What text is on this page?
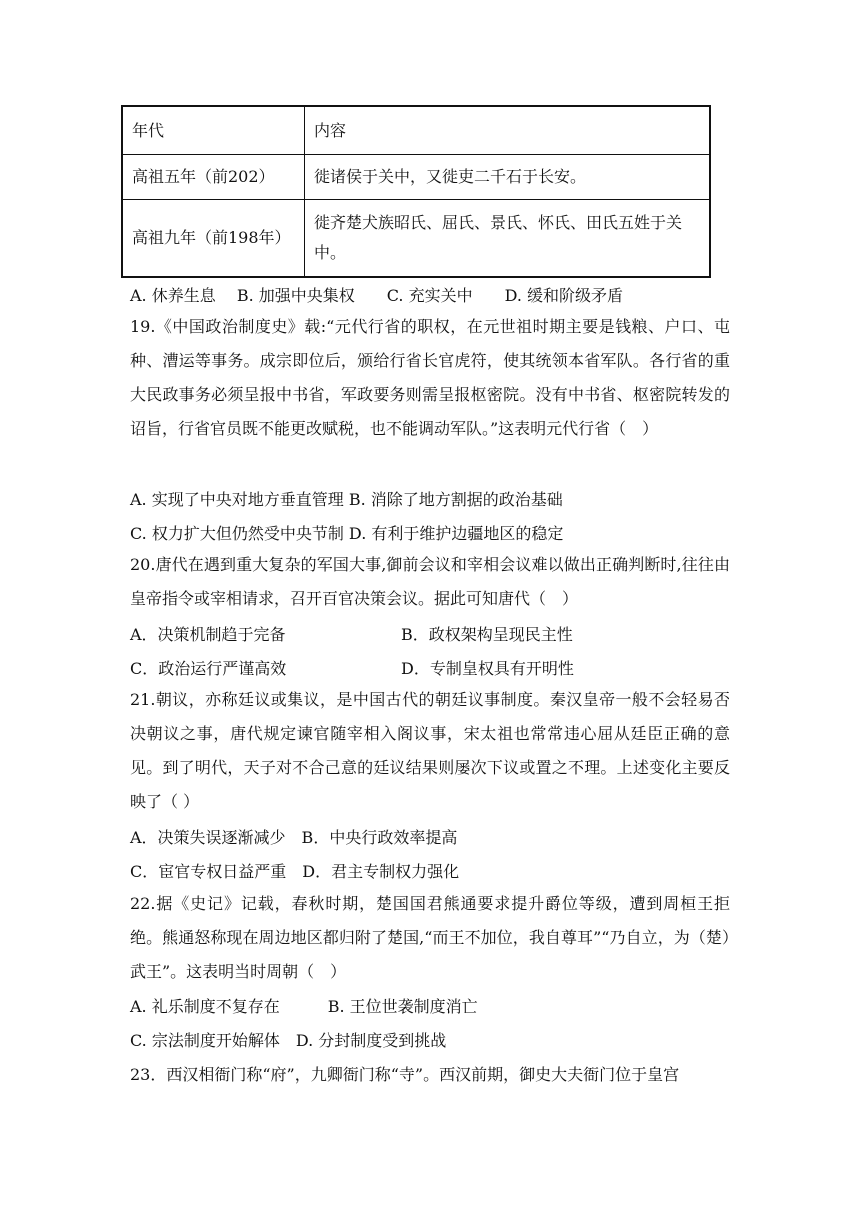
年代	内容
高祖五年（前202）	徙诸侯于关中，又徙吏二千石于长安。
高祖九年（前198年）	徙齐楚犬族昭氏、屈氏、景氏、怀氏、田氏五姓于关中。
A. 休养生息　 B. 加强中央集权　　C. 充实关中　　D. 缓和阶级矛盾
19.《中国政治制度史》载:“元代行省的职权，在元世祖时期主要是钱粮、户口、屯种、漕运等事务。成宗即位后，颁给行省长官虎符，使其统领本省军队。各行省的重大民政事务必须呈报中书省，军政要务则需呈报枢密院。没有中书省、枢密院转发的诏旨，行省官员既不能更改赋税，也不能调动军队。”这表明元代行省（　）
A. 实现了中央对地方垂直管理 B. 消除了地方割据的政治基础
C. 权力扩大但仍然受中央节制 D. 有利于维护边疆地区的稳定
20.唐代在遇到重大复杂的军国大事,御前会议和宰相会议难以做出正确判断时,往往由皇帝指令或宰相请求，召开百官决策会议。据此可知唐代（　）
A．决策机制趋于完备	B．政权架构呈现民主性
C．政治运行严谨高效	D．专制皇权具有开明性
21.朝议，亦称廷议或集议，是中国古代的朝廷议事制度。秦汉皇帝一般不会轻易否决朝议之事，唐代规定谏官随宰相入阁议事，宋太祖也常常违心屈从廷臣正确的意见。到了明代，天子对不合己意的廷议结果则屡次下议或置之不理。上述变化主要反映了（ ）
A．决策失误逐渐减少　B．中央行政效率提高
C．宦官专权日益严重　D．君主专制权力强化
22.据《史记》记载，春秋时期，楚国国君熊通要求提升爵位等级，遭到周桓王拒绝。熊通怒称现在周边地区都归附了楚国,“而王不加位，我自尊耳”“乃自立，为（楚）武王”。这表明当时周朝（　）
A. 礼乐制度不复存在　　　B. 王位世袭制度消亡
C. 宗法制度开始解体　D. 分封制度受到挑战
23．西汉相衙门称“府”，九卿衙门称“寺”。西汉前期，御史大夫衙门位于皇宫
